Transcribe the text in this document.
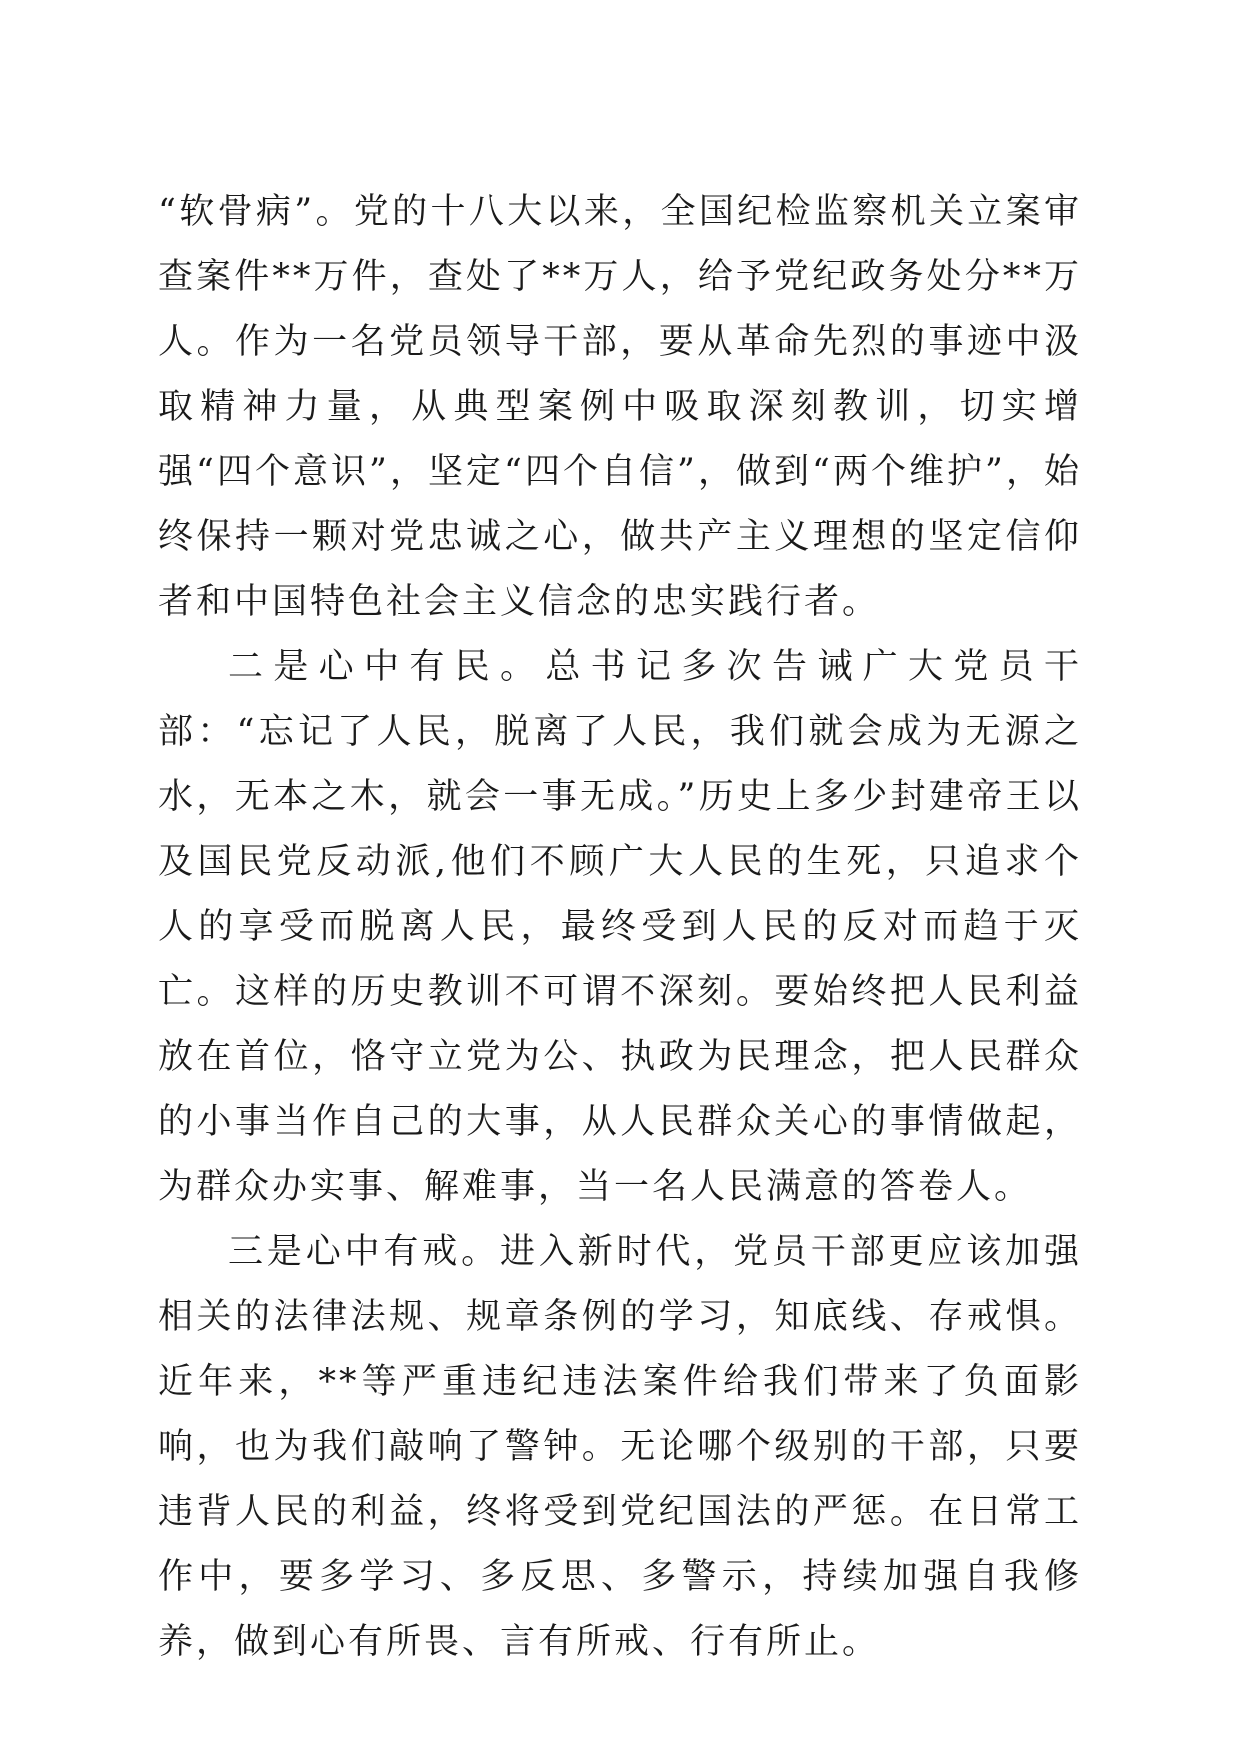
“软骨病”。党的十八大以来，全国纪检监察机关立案审查案件**万件，查处了**万人，给予党纪政务处分**万人。作为一名党员领导干部，要从革命先烈的事迹中汲取精神力量，从典型案例中吸取深刻教训，切实增强“四个意识”，坚定“四个自信”，做到“两个维护”，始终保持一颗对党忠诚之心，做共产主义理想的坚定信仰者和中国特色社会主义信念的忠实践行者。

二是心中有民。总书记多次告诫广大党员干部：“忘记了人民，脱离了人民，我们就会成为无源之水，无本之木，就会一事无成。”历史上多少封建帝王以及国民党反动派,他们不顾广大人民的生死，只追求个人的享受而脱离人民，最终受到人民的反对而趋于灭亡。这样的历史教训不可谓不深刻。要始终把人民利益放在首位，恪守立党为公、执政为民理念，把人民群众的小事当作自己的大事，从人民群众关心的事情做起，为群众办实事、解难事，当一名人民满意的答卷人。

三是心中有戒。进入新时代，党员干部更应该加强相关的法律法规、规章条例的学习，知底线、存戒惧。近年来，**等严重违纪违法案件给我们带来了负面影响，也为我们敲响了警钟。无论哪个级别的干部，只要违背人民的利益，终将受到党纪国法的严惩。在日常工作中，要多学习、多反思、多警示，持续加强自我修养，做到心有所畏、言有所戒、行有所止。
